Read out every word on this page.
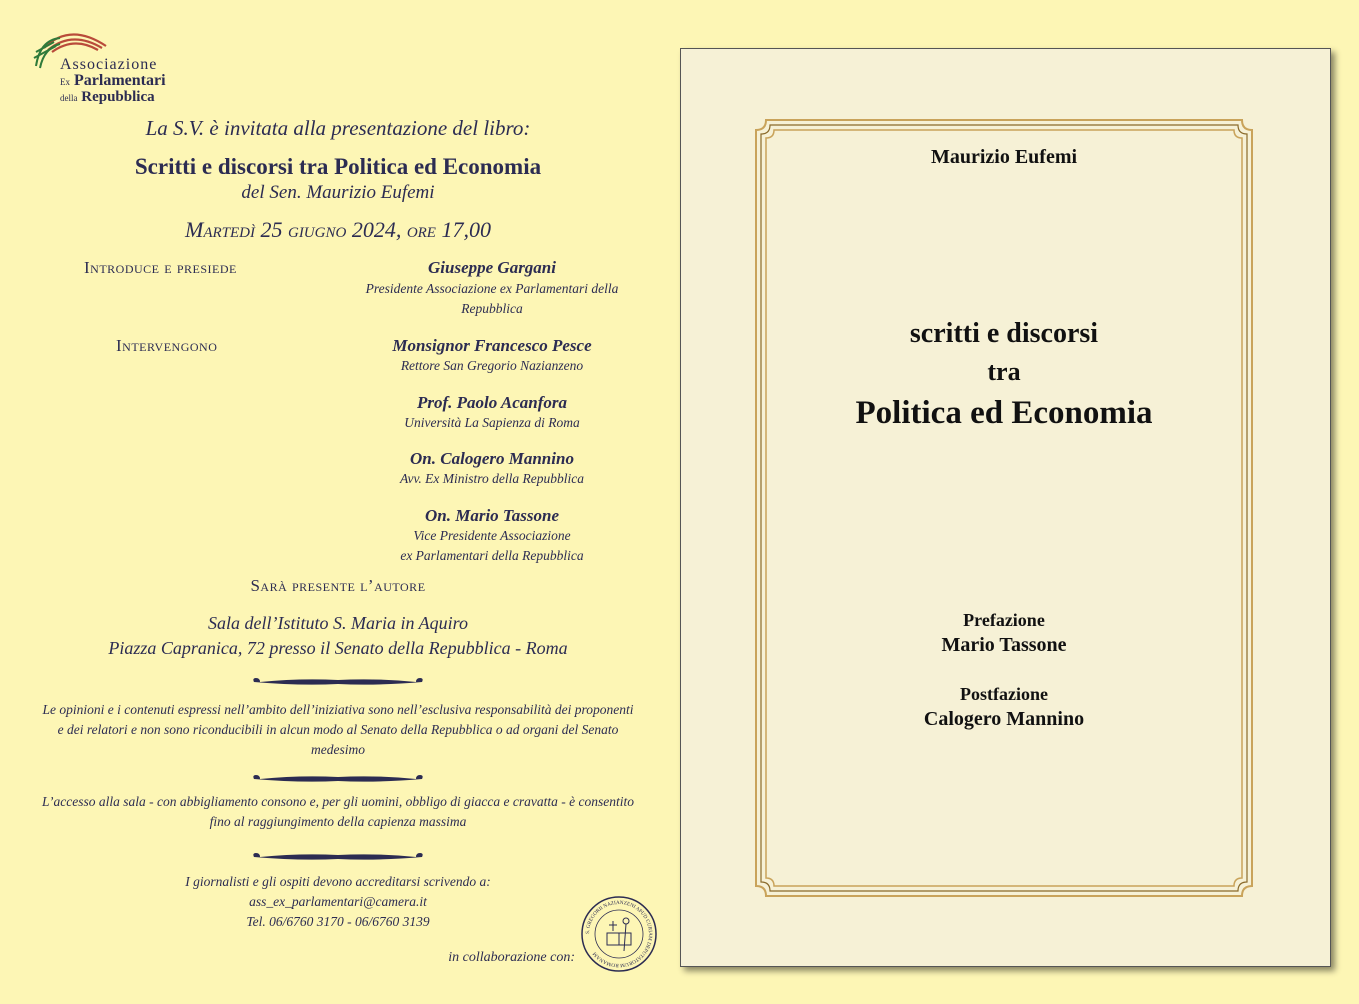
Associazione
Ex Parlamentari
della Repubblica
La S.V. è invitata alla presentazione del libro:
Scritti e discorsi tra Politica ed Economia
del Sen. Maurizio Eufemi
Martedì 25 giugno 2024, ore 17,00
Introduce e presiede	Giuseppe Gargani
Presidente Associazione ex Parlamentari della Repubblica
Intervengono	Monsignor Francesco Pesce
Rettore San Gregorio Nazianzeno
Prof. Paolo Acanfora
Università La Sapienza di Roma
On. Calogero Mannino
Avv. Ex Ministro della Repubblica
On. Mario Tassone
Vice Presidente Associazione
ex Parlamentari della Repubblica
Sarà presente l’autore
Sala dell’Istituto S. Maria in Aquiro
Piazza Capranica, 72 presso il Senato della Repubblica - Roma
Le opinioni e i contenuti espressi nell’ambito dell’iniziativa sono nell’esclusiva responsabilità dei proponenti e dei relatori e non sono riconducibili in alcun modo al Senato della Repubblica o ad organi del Senato medesimo
L’accesso alla sala - con abbigliamento consono e, per gli uomini, obbligo di giacca e cravatta - è consentito fino al raggiungimento della capienza massima
I giornalisti e gli ospiti devono accreditarsi scrivendo a:
ass_ex_parlamentari@camera.it
Tel. 06/6760 3170 - 06/6760 3139
in collaborazione con:
S. GREGORII NAZIANZENI APUD CURIAM DEPUTATORUM ROMANAM
Maurizio Eufemi
scritti e discorsi
tra
Politica ed Economia
Prefazione
Mario Tassone
Postfazione
Calogero Mannino
